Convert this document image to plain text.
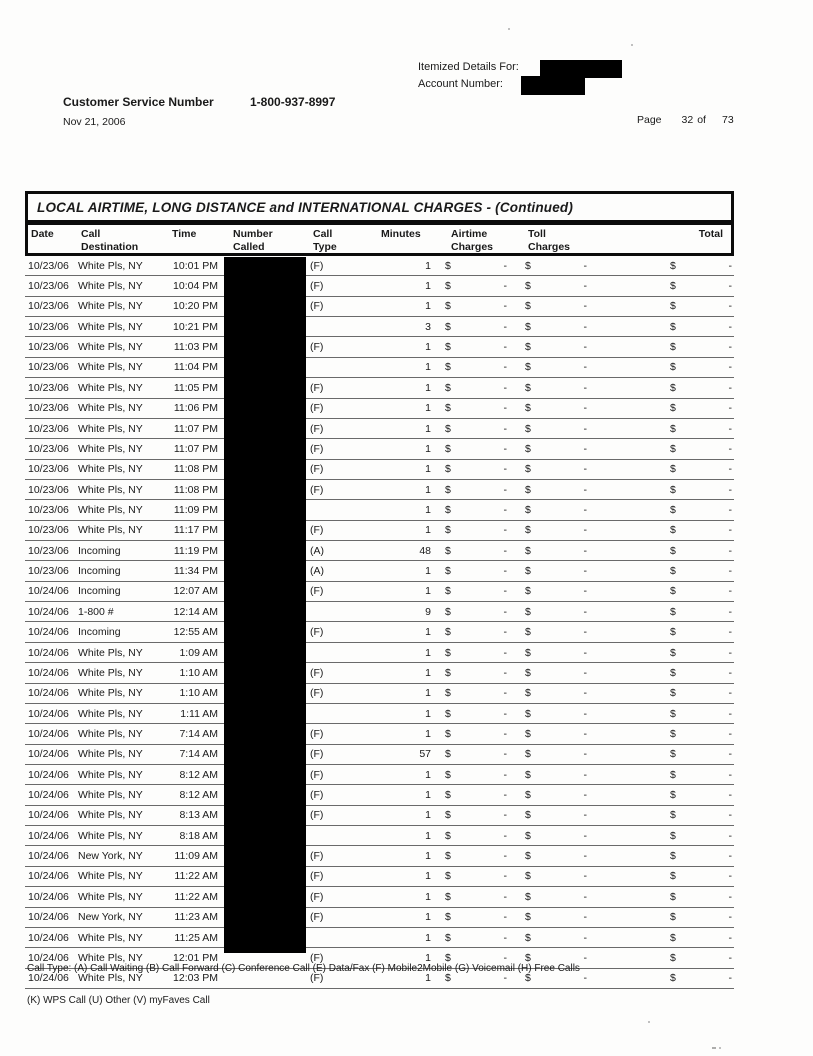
Itemized Details For:
Account Number:
Customer Service Number	1-800-937-8997
Nov 21, 2006	Page 32 of 73
LOCAL AIRTIME, LONG DISTANCE and INTERNATIONAL CHARGES - (Continued)
Date	Call
Destination
Time	Number
Called
Call
Type
Minutes	Airtime
Charges
Toll
Charges
Total
10/23/06 White Pls, NY	10:01 PM	(F)	1	$	- $	-	$	-
10/23/06 White Pls, NY	10:04 PM	(F)	1	$	- $	-	$	-
10/23/06 White Pls, NY	10:20 PM	(F)	1	$	- $	-	$	-
10/23/06 White Pls, NY	10:21 PM	3	$	- $	-	$	-
10/23/06 White Pls, NY	11:03 PM	(F)	1	$	- $	-	$	-
10/23/06 White Pls, NY	11:04 PM	1	$	- $	-	$	-
10/23/06 White Pls, NY	11:05 PM	(F)	1	$	- $	-	$	-
10/23/06 White Pls, NY	11:06 PM	(F)	1	$	- $	-	$	-
10/23/06 White Pls, NY	11:07 PM	(F)	1	$	- $	-	$	-
10/23/06 White Pls, NY	11:07 PM	(F)	1	$	- $	-	$	-
10/23/06 White Pls, NY	11:08 PM	(F)	1	$	- $	-	$	-
10/23/06 White Pls, NY	11:08 PM	(F)	1	$	- $	-	$	-
10/23/06 White Pls, NY	11:09 PM	1	$	- $	-	$	-
10/23/06 White Pls, NY	11:17 PM	(F)	1	$	- $	-	$	-
10/23/06 Incoming	11:19 PM	(A)	48	$	- $	-	$	-
10/23/06 Incoming	11:34 PM	(A)	1	$	- $	-	$	-
10/24/06 Incoming	12:07 AM	(F)	1	$	- $	-	$	-
10/24/06 1-800 #	12:14 AM	9	$	- $	-	$	-
10/24/06 Incoming	12:55 AM	(F)	1	$	- $	-	$	-
10/24/06 White Pls, NY	1:09 AM	1	$	- $	-	$	-
10/24/06 White Pls, NY	1:10 AM	(F)	1	$	- $	-	$	-
10/24/06 White Pls, NY	1:10 AM	(F)	1	$	- $	-	$	-
10/24/06 White Pls, NY	1:11 AM	1	$	- $	-	$	-
10/24/06 White Pls, NY	7:14 AM	(F)	1	$	- $	-	$	-
10/24/06 White Pls, NY	7:14 AM	(F)	57	$	- $	-	$	-
10/24/06 White Pls, NY	8:12 AM	(F)	1	$	- $	-	$	-
10/24/06 White Pls, NY	8:12 AM	(F)	1	$	- $	-	$	-
10/24/06 White Pls, NY	8:13 AM	(F)	1	$	- $	-	$	-
10/24/06 White Pls, NY	8:18 AM	1	$	- $	-	$	-
10/24/06 New York, NY	11:09 AM	(F)	1	$	- $	-	$	-
10/24/06 White Pls, NY	11:22 AM	(F)	1	$	- $	-	$	-
10/24/06 White Pls, NY	11:22 AM	(F)	1	$	- $	-	$	-
10/24/06 New York, NY	11:23 AM	(F)	1	$	- $	-	$	-
10/24/06 White Pls, NY	11:25 AM	1	$	- $	-	$	-
10/24/06 White Pls, NY	12:01 PM	(F)	1	$	- $	-	$	-
10/24/06 White Pls, NY	12:03 PM	(F)	1	$	- $	-	$	-
Call Type: (A) Call Waiting (B) Call Forward (C) Conference Call (E) Data/Fax (F) Mobile2Mobile (G) Voicemail (H) Free Calls
(K) WPS Call (U) Other (V) myFaves Call
